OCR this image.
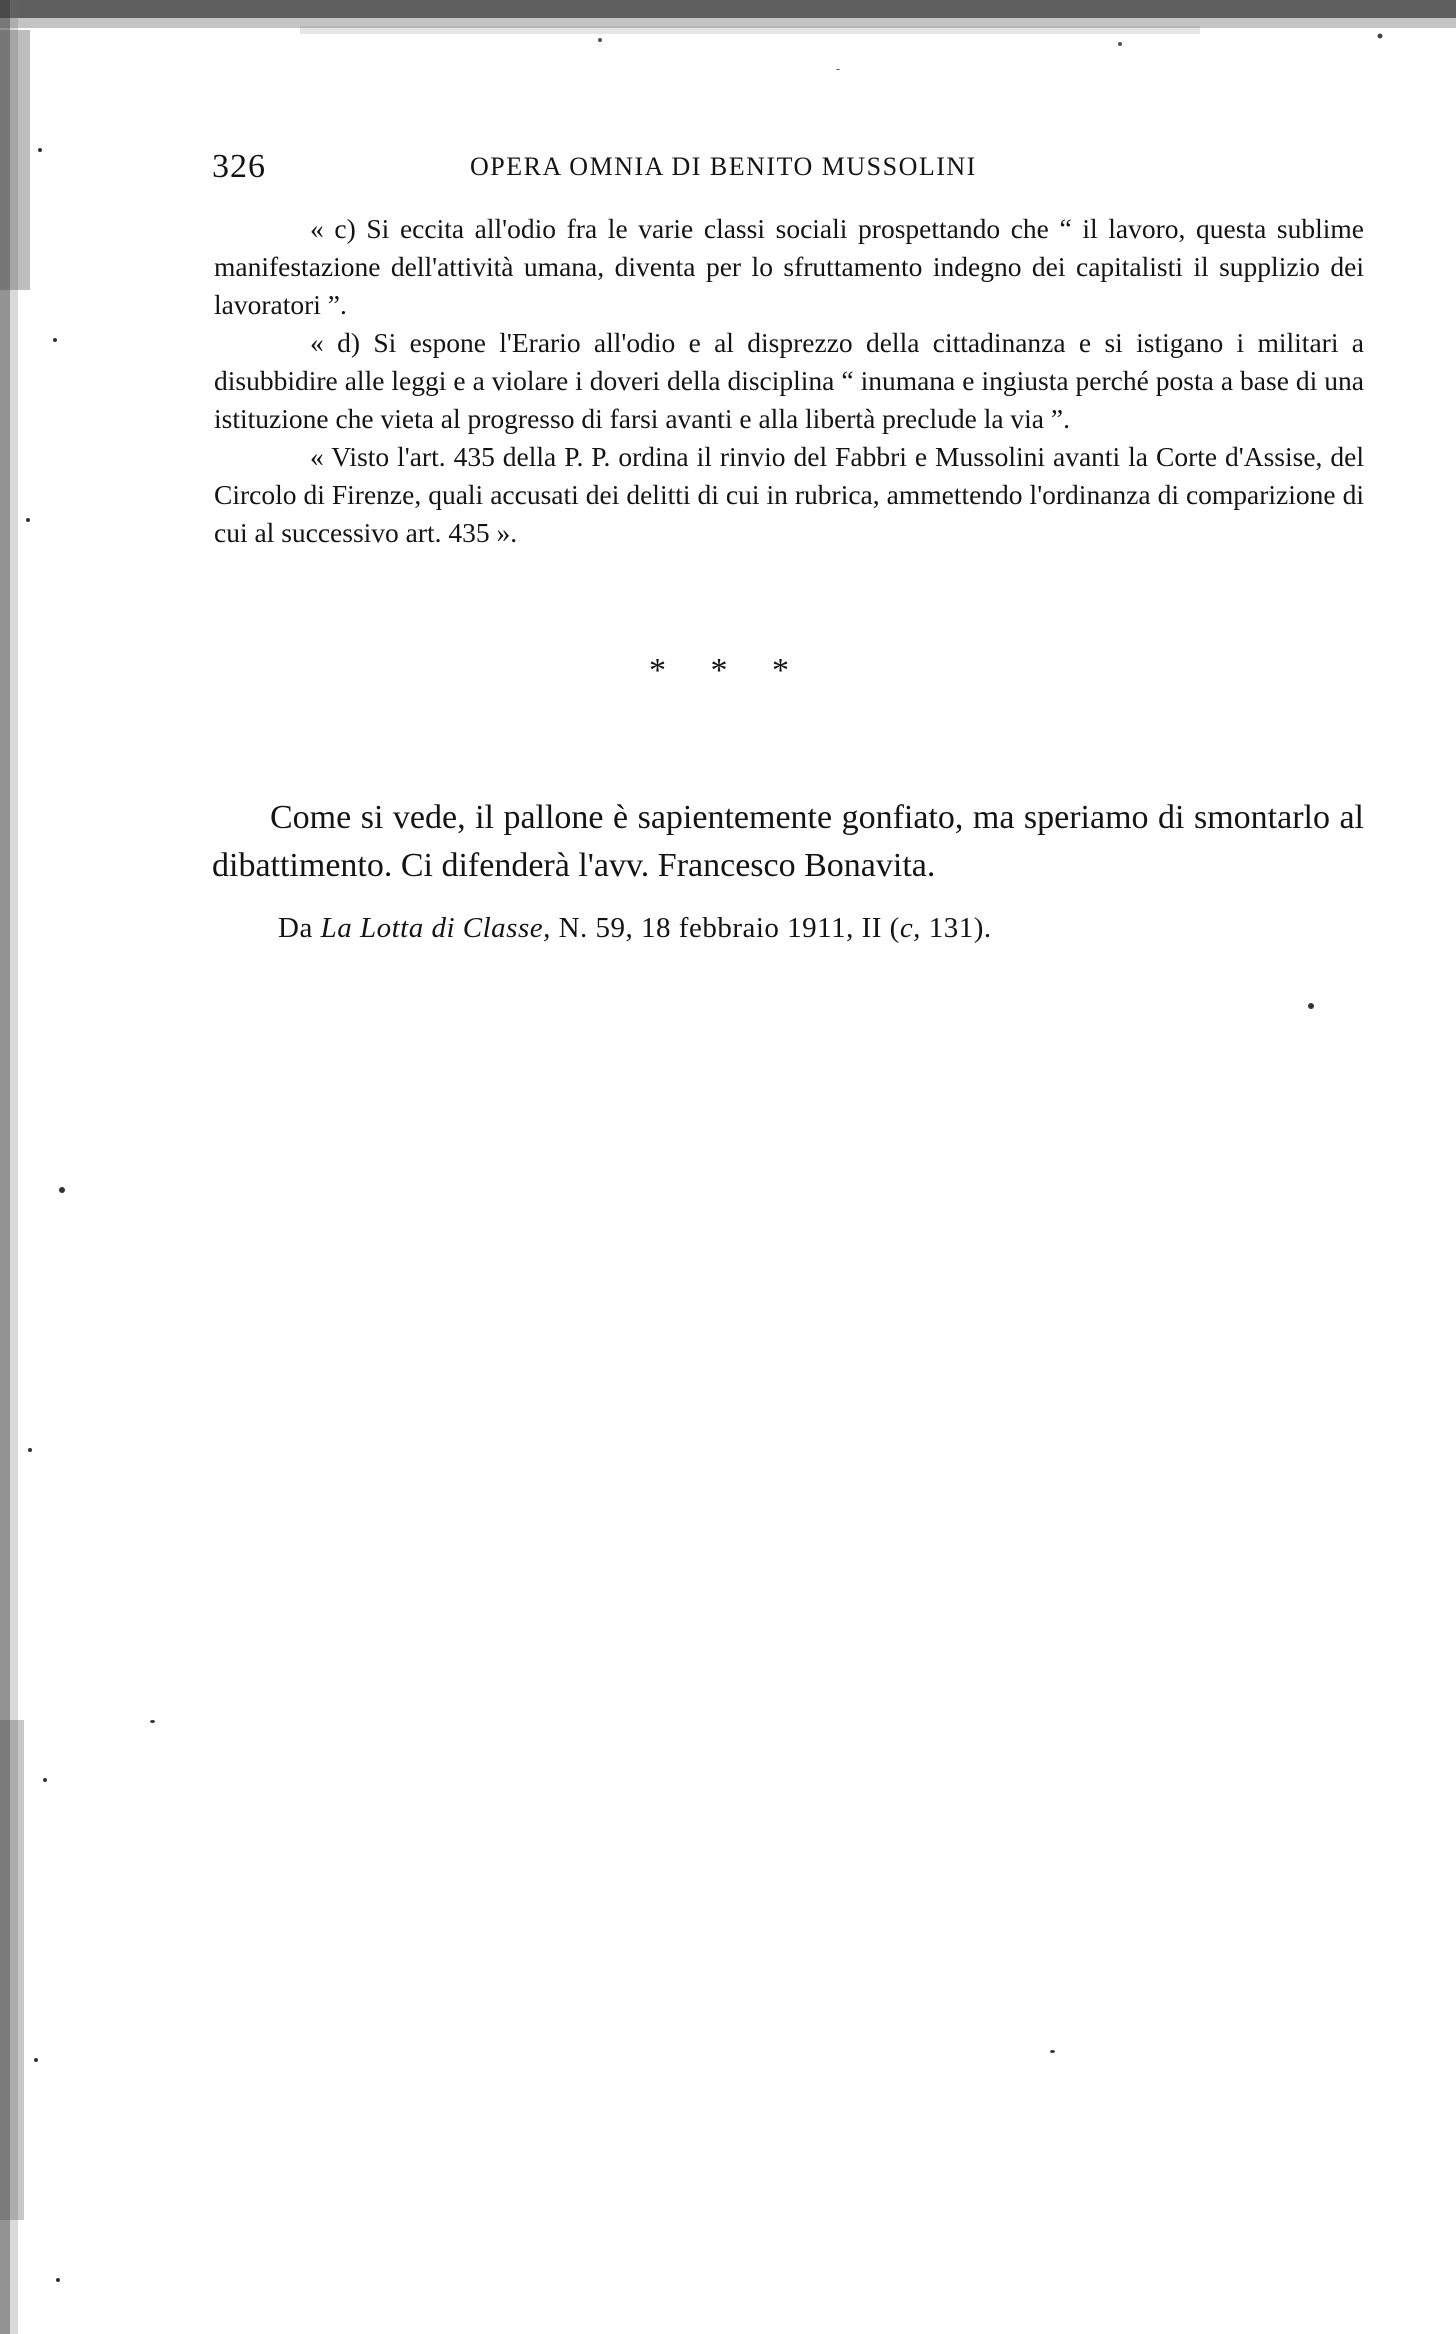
326	OPERA OMNIA DI BENITO MUSSOLINI

« c) Si eccita all'odio fra le varie classi sociali prospettando che “ il lavoro, questa sublime manifestazione dell'attività umana, diventa per lo sfruttamento indegno dei capitalisti il supplizio dei lavoratori ”.

« d) Si espone l'Erario all'odio e al disprezzo della cittadinanza e si istigano i militari a disubbidire alle leggi e a violare i doveri della disciplina “ inumana e ingiusta perché posta a base di una istituzione che vieta al progresso di farsi avanti e alla libertà preclude la via ”.

« Visto l'art. 435 della P. P. ordina il rinvio del Fabbri e Mussolini avanti la Corte d'Assise, del Circolo di Firenze, quali accusati dei delitti di cui in rubrica, ammettendo l'ordinanza di comparizione di cui al successivo art. 435 ».

* * *

Come si vede, il pallone è sapientemente gonfiato, ma speriamo di smontarlo al dibattimento. Ci difenderà l'avv. Francesco Bonavita.

Da La Lotta di Classe, N. 59, 18 febbraio 1911, II (c, 131).
